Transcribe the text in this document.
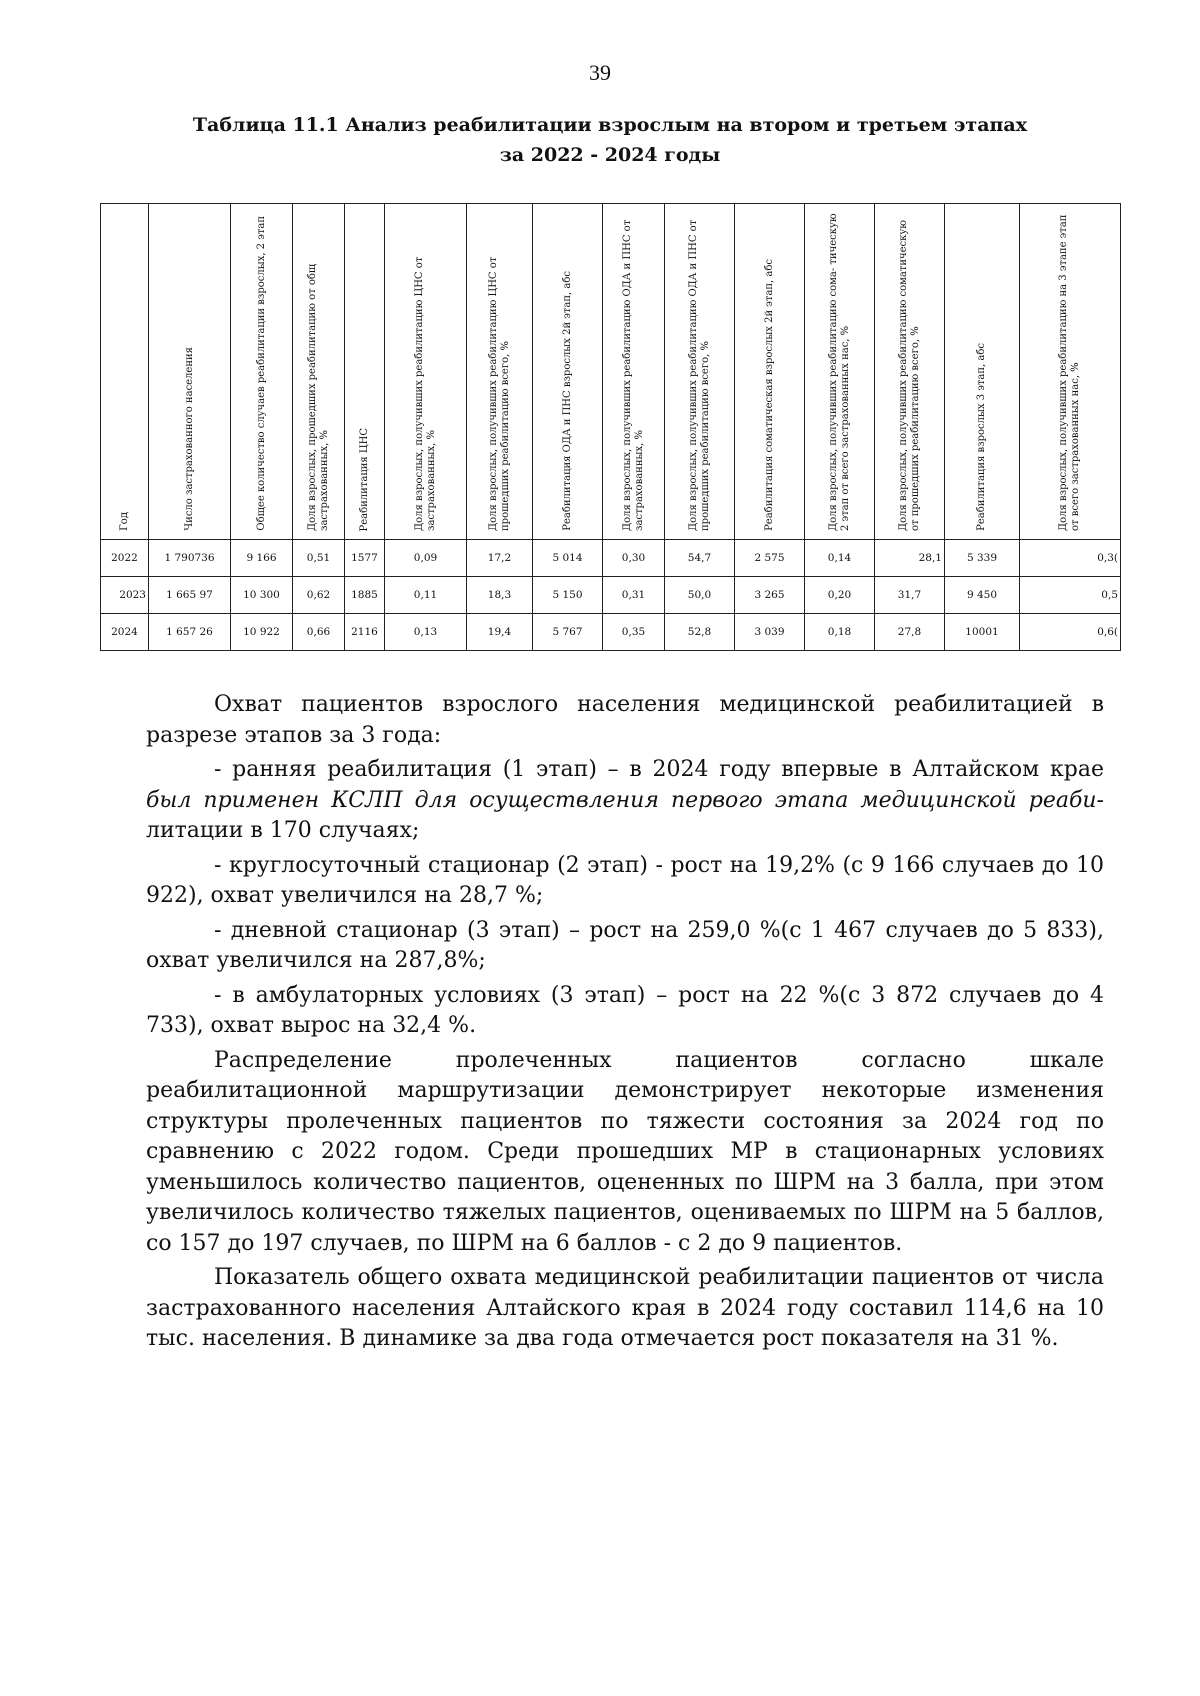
39
Таблица 11.1 Анализ реабилитации взрослым на втором и третьем этапах
за 2022 - 2024 годы
Год	Число застрахованного населения	Общее количество случаев реабилитации взрослых, 2 этап	Доля взрослых, прошедших реабилитацию от общ застрахованных, %	Реабилитация ЦНС	Доля взрослых, получивших реабилитацию ЦНС от застрахованных, %	Доля взрослых, получивших реабилитацию ЦНС от прошедших реабилитацию всего, %	Реабилитация ОДА и ПНС взрослых 2й этап, абс	Доля взрослых, получивших реабилитацию ОДА и ПНС от застрахованных, %	Доля взрослых, получивших реабилитацию ОДА и ПНС от прошедших реабилитацию всего, %	Реабилитация соматическая взрослых 2й этап, абс	Доля взрослых, получивших реабилитацию сома- тическую 2 этап от всего застрахованных нас, %	Доля взрослых, получивших реабилитацию соматическую от прошедших реабилитацию всего, %	Реабилитация взрослых 3 этап, абс	Доля взрослых, получивших реабилитацию на 3 этапе этап от всего застрахованных нас, %

2022	1 790736	9 166	0,51	1577	0,09	17,2	5 014	0,30	54,7	2 575	0,14	28,1	5 339	0,3(
2023	1 665 97	10 300	0,62	1885	0,11	18,3	5 150	0,31	50,0	3 265	0,20	31,7	9 450	0,5
2024	1 657 26	10 922	0,66	2116	0,13	19,4	5 767	0,35	52,8	3 039	0,18	27,8	10001	0,6(

Охват пациентов взрослого населения медицинской реабилитацией в разрезе этапов за 3 года:

- ранняя реабилитация (1 этап) – в 2024 году впервые в Алтайском крае был применен КСЛП для осуществления первого этапа медицинской реаби- литации в 170 случаях;

- круглосуточный стационар (2 этап) - рост на 19,2% (с 9 166 случаев до 10 922), охват увеличился на 28,7 %;

- дневной стационар (3 этап) – рост на 259,0 %(с 1 467 случаев до 5 833), охват увеличился на 287,8%;

- в амбулаторных условиях (3 этап) – рост на 22 %(с 3 872 случаев до 4 733), охват вырос на 32,4 %.

Распределение пролеченных пациентов согласно шкале реабилитационной маршрутизации демонстрирует некоторые изменения структуры пролеченных пациентов по тяжести состояния за 2024 год по сравнению с 2022 годом. Среди прошедших МР в стационарных условиях уменьшилось количество пациентов, оцененных по ШРМ на 3 балла, при этом увеличилось количество тяжелых пациентов, оцениваемых по ШРМ на 5 баллов, со 157 до 197 случаев, по ШРМ на 6 баллов - с 2 до 9 пациентов.

Показатель общего охвата медицинской реабилитации пациентов от числа застрахованного населения Алтайского края в 2024 году составил 114,6 на 10 тыс. населения. В динамике за два года отмечается рост показателя на 31 %.
